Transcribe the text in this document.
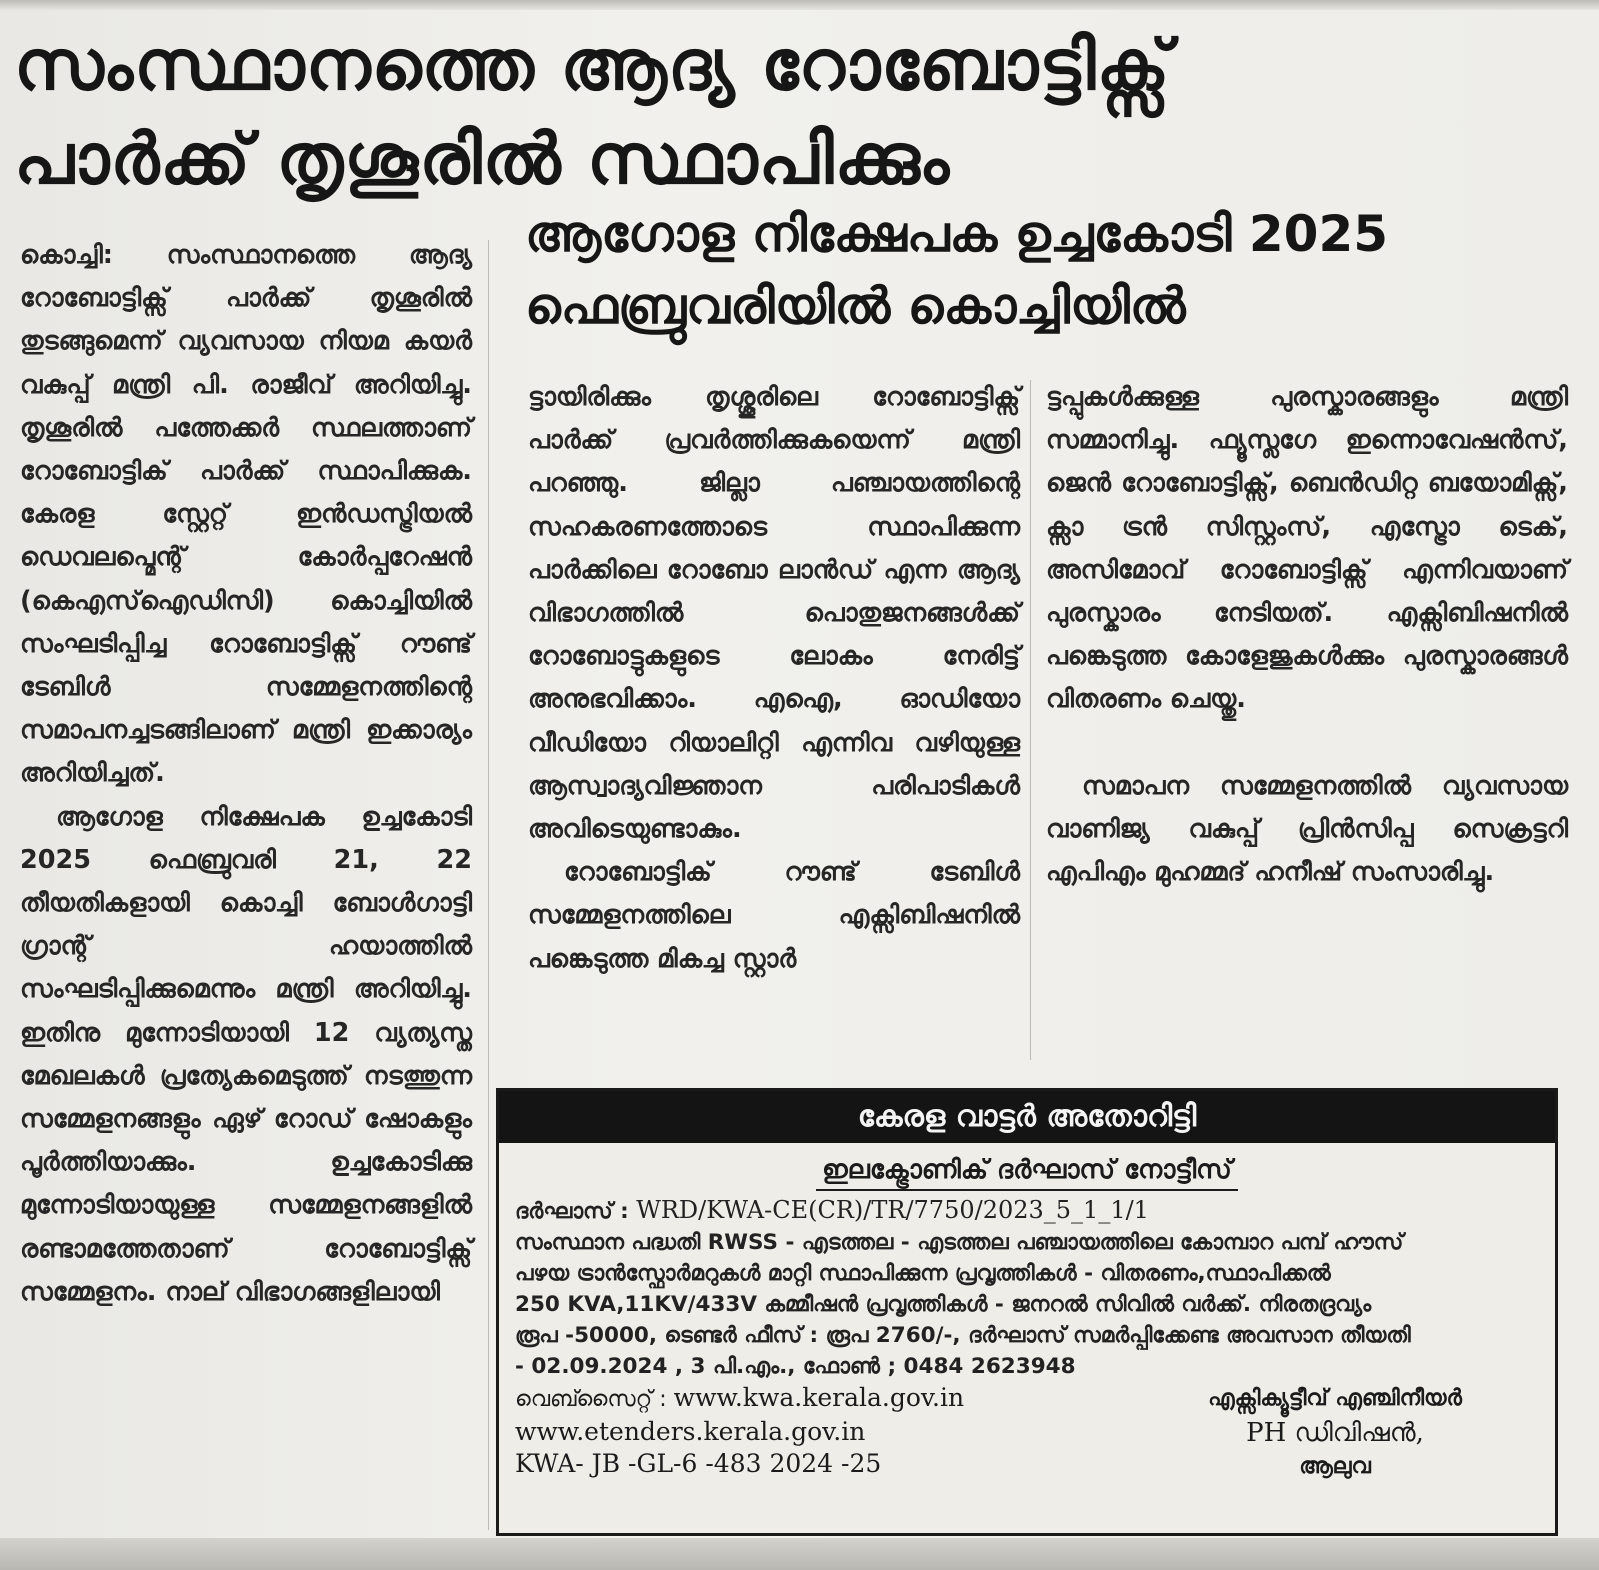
സംസ്ഥാനത്തെ ആദ്യ റോബോട്ടിക്സ്
പാർക്ക് തൃശൂരിൽ സ്ഥാപിക്കും
ആഗോള നിക്ഷേപക ഉച്ചകോടി 2025
ഫെബ്രുവരിയിൽ കൊച്ചിയിൽ

കൊച്ചി: സംസ്ഥാനത്തെ ആദ്യ റോബോട്ടിക്സ് പാർക്ക് തൃശൂരിൽ തുടങ്ങുമെന്ന് വ്യവസായ നിയമ കയർ വകുപ്പ് മന്ത്രി പി. രാജീവ് അറിയിച്ചു. തൃശൂരിൽ പത്തേക്കർ സ്ഥലത്താണ് റോബോട്ടിക് പാർക്ക് സ്ഥാപിക്കുക. കേരള സ്റ്റേറ്റ് ഇൻഡസ്ട്രിയൽ ഡെവലപ്മെന്റ് കോർപ്പറേഷൻ (കെഎസ്ഐഡിസി) കൊച്ചിയിൽ സംഘടിപ്പിച്ച റോബോട്ടിക്സ് റൗണ്ട് ടേബിൾ സമ്മേളനത്തിന്റെ സമാപനച്ചടങ്ങിലാണ് മന്ത്രി ഇക്കാര്യം അറിയിച്ചത്.

ആഗോള നിക്ഷേപക ഉച്ചകോടി 2025 ഫെബ്രുവരി 21, 22 തീയതികളായി കൊച്ചി ബോൾഗാട്ടി ഗ്രാന്റ് ഹയാത്തിൽ സംഘടിപ്പിക്കുമെന്നും മന്ത്രി അറിയിച്ചു. ഇതിനു മുന്നോടിയായി 12 വ്യത്യസ്ത മേഖലകൾ പ്രത്യേകമെടുത്ത് നടത്തുന്ന സമ്മേളനങ്ങളും ഏഴ് റോഡ് ഷോകളും പൂർത്തിയാക്കും. ഉച്ചകോടിക്കു മുന്നോടിയായുള്ള സമ്മേളനങ്ങളിൽ രണ്ടാമത്തേതാണ് റോബോട്ടിക്സ് സമ്മേളനം. നാല് വിഭാഗങ്ങളിലായി

ട്ടായിരിക്കും തൃശ്ശൂരിലെ റോബോട്ടിക്സ് പാർക്ക് പ്രവർത്തിക്കുകയെന്ന് മന്ത്രി പറഞ്ഞു. ജില്ലാ പഞ്ചായത്തിന്റെ സഹകരണത്തോടെ സ്ഥാപിക്കുന്ന പാർക്കിലെ റോബോ ലാൻഡ് എന്ന ആദ്യ വിഭാഗത്തിൽ പൊതുജനങ്ങൾക്ക് റോബോട്ടുകളുടെ ലോകം നേരിട്ട് അനുഭവിക്കാം. എഐ, ഓഡിയോ വീഡിയോ റിയാലിറ്റി എന്നിവ വഴിയുള്ള ആസ്വാദ്യവിജ്ഞാന പരിപാടികൾ അവിടെയുണ്ടാകും.

റോബോട്ടിക് റൗണ്ട് ടേബിൾ സമ്മേളനത്തിലെ എക്സിബിഷനിൽ പങ്കെടുത്ത മികച്ച സ്റ്റാർ

ട്ടപ്പുകൾക്കുള്ള പുരസ്കാരങ്ങളും മന്ത്രി സമ്മാനിച്ചു. ഫ്യൂസ്ലഗേ ഇന്നൊവേഷൻസ്, ജെൻ റോബോട്ടിക്സ്, ബെൻഡിറ്റ ബയോമിക്സ്, ക്സാ ട്രൻ സിസ്റ്റംസ്, എസ്ട്രോ ടെക്, അസിമോവ് റോബോട്ടിക്സ് എന്നിവയാണ് പുരസ്കാരം നേടിയത്. എക്സിബിഷനിൽ പങ്കെടുത്ത കോളേജുകൾക്കും പുരസ്കാരങ്ങൾ വിതരണം ചെയ്തു.

സമാപന സമ്മേളനത്തിൽ വ്യവസായ വാണിജ്യ വകുപ്പ് പ്രിൻസിപ്പ സെക്രട്ടറി എപിഎം മുഹമ്മദ് ഹനീഷ് സംസാരിച്ചു.

കേരള വാട്ടർ അതോറിട്ടി
ഇലക്ട്രോണിക് ദർഘാസ് നോട്ടീസ്
ദർഘാസ് : WRD/KWA-CE(CR)/TR/7750/2023_5_1_1/1
സംസ്ഥാന പദ്ധതി RWSS - എടത്തല - എടത്തല പഞ്ചായത്തിലെ കോമ്പാറ പമ്പ് ഹൗസ്
പഴയ ട്രാൻസ്ഫോർമറുകൾ മാറ്റി സ്ഥാപിക്കുന്ന പ്രവൃത്തികൾ - വിതരണം,സ്ഥാപിക്കൽ
250 KVA,11KV/433V കമ്മീഷൻ പ്രവൃത്തികൾ - ജനറൽ സിവിൽ വർക്ക്. നിരതദ്രവ്യം
രൂപ -50000, ടെണ്ടർ ഫീസ് : രൂപ 2760/-, ദർഘാസ് സമർപ്പിക്കേണ്ട അവസാന തീയതി
- 02.09.2024 , 3 പി.എം., ഫോൺ ; 0484 2623948
വെബ്സൈറ്റ് : www.kwa.kerala.gov.in
www.etenders.kerala.gov.in
KWA- JB -GL-6 -483 2024 -25
എക്സിക്യൂട്ടീവ് എഞ്ചിനീയർ
PH ഡിവിഷൻ,
ആലുവ
